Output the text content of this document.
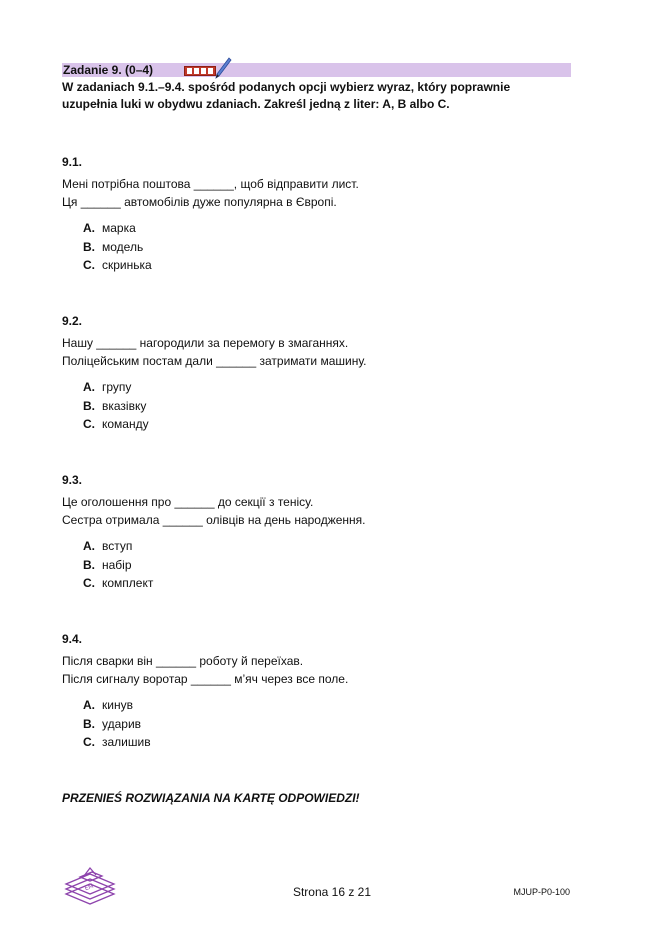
Zadanie 9. (0–4)
W zadaniach 9.1.–9.4. spośród podanych opcji wybierz wyraz, który poprawnie
uzupełnia luki w obydwu zdaniach. Zakreśl jedną z liter: A, B albo C.
9.1.

Мені потрібна поштова ______, щоб відправити лист.

Ця ______ автомобілів дуже популярна в Європі.

A. марка
B. модель
C. скринька
9.2.

Нашу ______ нагородили за перемогу в змаганнях.

Поліцейським постам дали ______ затримати машину.

A. групу
B. вказівку
C. команду
9.3.

Це оголошення про ______ до секції з тенісу.

Сестра отримала ______ олівців на день народження.

A. вступ
B. набір
C. комплект
9.4.

Після сварки він ______ роботу й переїхав.

Після сигналу воротар ______ м’яч через все поле.

A. кинув
B. ударив
C. залишив
PRZENIEŚ ROZWIĄZANIA NA KARTĘ ODPOWIEDZI!
EM	Strona 16 z 21	MJUP-P0-100
